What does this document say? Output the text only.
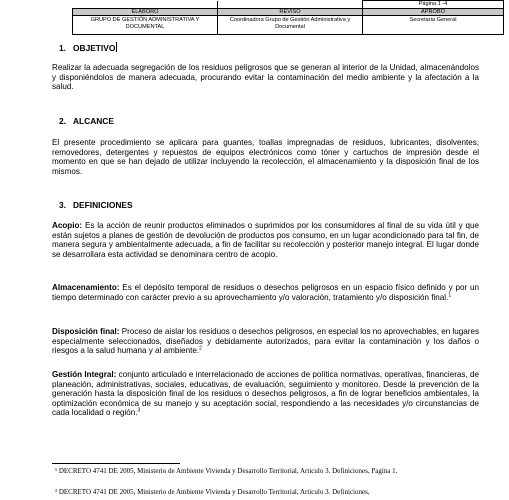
		Página 1 -4
ELABORO	REVISO	APROBO
GRUPO DE GESTIÓN ADMINISTRATIVA Y DOCUMENTAL	Coordinadora Grupo de Gestión Administrativa y Documental	Secretaria General
1. OBJETIVO
Realizar la adecuada segregación de los residuos peligrosos que se generan al interior de la Unidad, almacenándolos y disponiéndolos de manera adecuada, procurando evitar la contaminación del medio ambiente y la afectación a la salud.
2. ALCANCE
El presente procedimiento se aplicara para guantes, toallas impregnadas de residuos, lubricantes, disolventes, removedores, detergentes y repuestos de equipos electrónicos como tóner y cartuchos de impresión desde el momento en que se han dejado de utilizar incluyendo la recolección, el almacenamiento y la disposición final de los mismos.
3. DEFINICIONES
Acopio: Es la acción de reunir productos eliminados o suprimidos por los consumidores al final de su vida útil y que están sujetos a planes de gestión de devolución de productos pos consumo, en un lugar acondicionado para tal fin, de manera segura y ambientalmente adecuada, a fin de facilitar su recolección y posterior manejo integral. El lugar donde se desarrollara esta actividad se denominara centro de acopio.
Almacenamiento: Es el depósito temporal de residuos o desechos peligrosos en un espacio físico definido y por un tiempo determinado con carácter previo a su aprovechamiento y/o valoración, tratamiento y/o disposición final.$^1$
Disposición final: Proceso de aislar los residuos o desechos peligrosos, en especial los no aprovechables, en lugares especialmente seleccionados, diseñados y debidamente autorizados, para evitar la contaminación y los daños o riesgos a la salud humana y al ambiente.$^2$
Gestión Integral: conjunto articulado e interrelacionado de acciones de política normativas, operativas, financieras, de planeación, administrativas, sociales, educativas, de evaluación, seguimiento y monitoreo. Desde la prevención de la generación hasta la disposición final de los residuos o desechos peligrosos, a fin de lograr beneficios ambientales, la optimización económica de su manejo y su aceptación social, respondiendo a las necesidades y/o circunstancias de cada localidad o región.$^3$
¹ DECRETO 4741 DE 2005, Ministerio de Ambiente Vivienda y Desarrollo Territorial, Articulo 3. Definiciones, Pagina 1.
² DECRETO 4741 DE 2005, Ministerio de Ambiente Vivienda y Desarrollo Territorial, Articulo 3. Definiciones,
